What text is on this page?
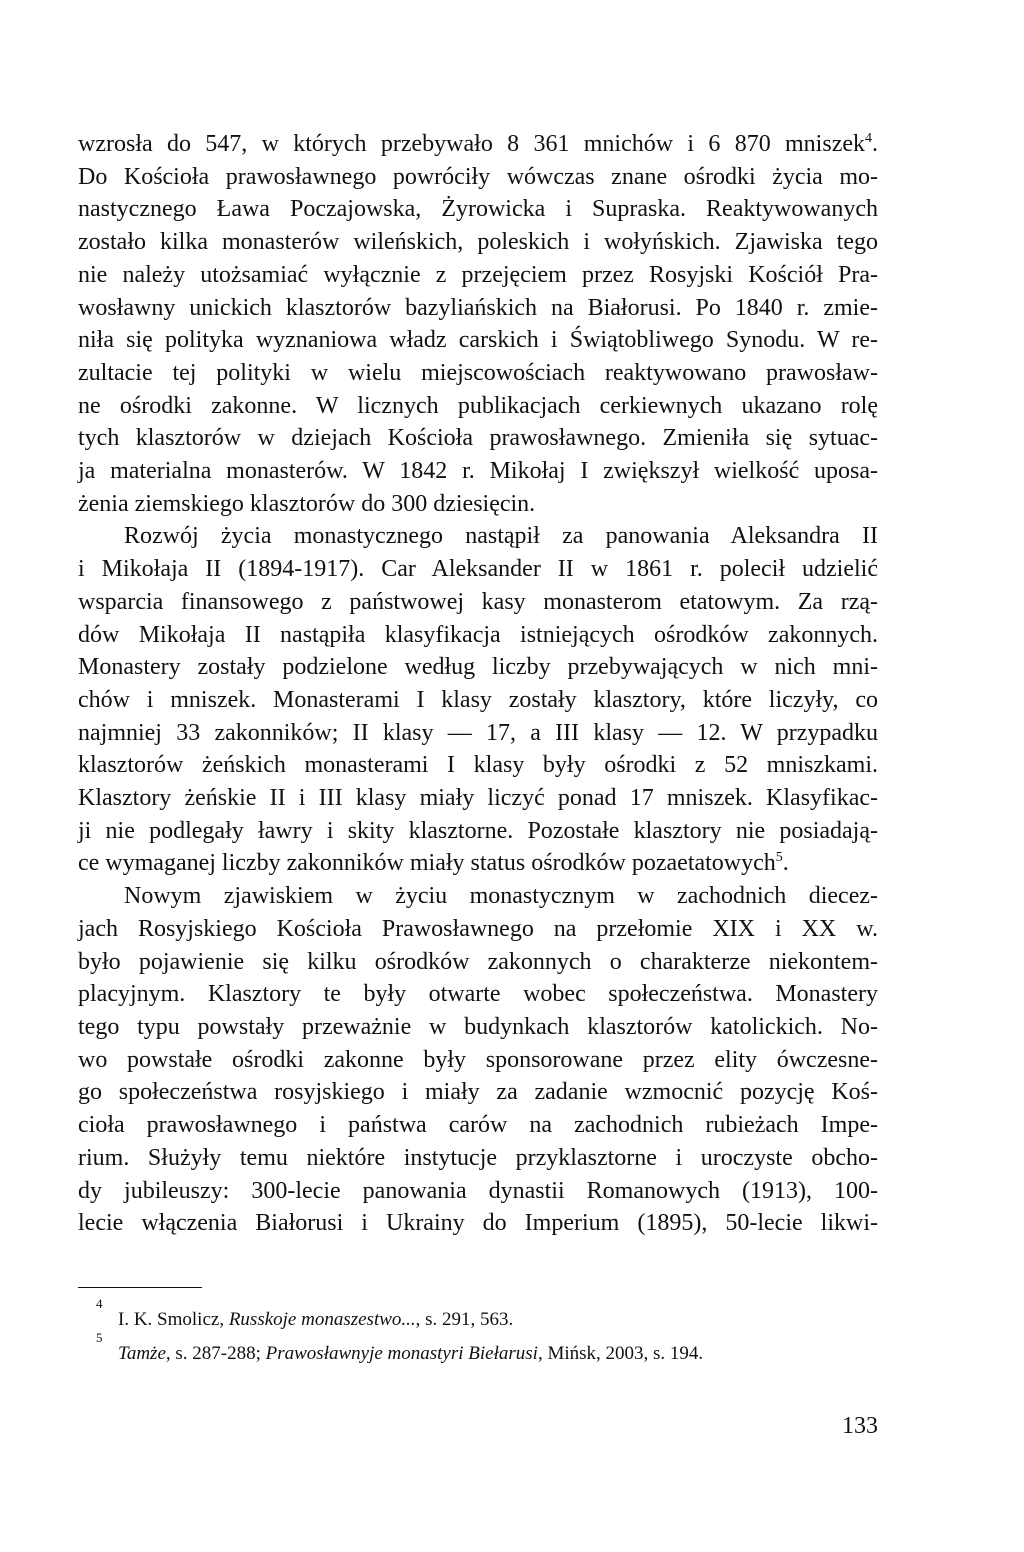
wzrosła do 547, w których przebywało 8 361 mnichów i 6 870 mniszek$^4$.
Do Kościoła prawosławnego powróciły wówczas znane ośrodki życia mo-
nastycznego Ława Poczajowska, Żyrowicka i Supraska. Reaktywowanych
zostało kilka monasterów wileńskich, poleskich i wołyńskich. Zjawiska tego
nie należy utożsamiać wyłącznie z przejęciem przez Rosyjski Kościół Pra-
wosławny unickich klasztorów bazyliańskich na Białorusi. Po 1840 r. zmie-
niła się polityka wyznaniowa władz carskich i Świątobliwego Synodu. W re-
zultacie tej polityki w wielu miejscowościach reaktywowano prawosław-
ne ośrodki zakonne. W licznych publikacjach cerkiewnych ukazano rolę
tych klasztorów w dziejach Kościoła prawosławnego. Zmieniła się sytuac-
ja materialna monasterów. W 1842 r. Mikołaj I zwiększył wielkość uposa-
żenia ziemskiego klasztorów do 300 dziesięcin.
Rozwój życia monastycznego nastąpił za panowania Aleksandra II
i Mikołaja II (1894-1917). Car Aleksander II w 1861 r. polecił udzielić
wsparcia finansowego z państwowej kasy monasterom etatowym. Za rzą-
dów Mikołaja II nastąpiła klasyfikacja istniejących ośrodków zakonnych.
Monastery zostały podzielone według liczby przebywających w nich mni-
chów i mniszek. Monasterami I klasy zostały klasztory, które liczyły, co
najmniej 33 zakonników; II klasy — 17, a III klasy — 12. W przypadku
klasztorów żeńskich monasterami I klasy były ośrodki z 52 mniszkami.
Klasztory żeńskie II i III klasy miały liczyć ponad 17 mniszek. Klasyfikac-
ji nie podlegały ławry i skity klasztorne. Pozostałe klasztory nie posiadają-
ce wymaganej liczby zakonników miały status ośrodków pozaetatowych$^5$.
Nowym zjawiskiem w życiu monastycznym w zachodnich diecez-
jach Rosyjskiego Kościoła Prawosławnego na przełomie XIX i XX w.
było pojawienie się kilku ośrodków zakonnych o charakterze niekontem-
placyjnym. Klasztory te były otwarte wobec społeczeństwa. Monastery
tego typu powstały przeważnie w budynkach klasztorów katolickich. No-
wo powstałe ośrodki zakonne były sponsorowane przez elity ówczesne-
go społeczeństwa rosyjskiego i miały za zadanie wzmocnić pozycję Koś-
cioła prawosławnego i państwa carów na zachodnich rubieżach Impe-
rium. Służyły temu niektóre instytucje przyklasztorne i uroczyste obcho-
dy jubileuszy: 300-lecie panowania dynastii Romanowych (1913), 100-
lecie włączenia Białorusi i Ukrainy do Imperium (1895), 50-lecie likwi-
4
I. K. Smolicz, Russkoje monaszestwo..., s. 291, 563.
5
Tamże, s. 287-288; Prawosławnyje monastyri Biełarusi, Mińsk, 2003, s. 194.
133
